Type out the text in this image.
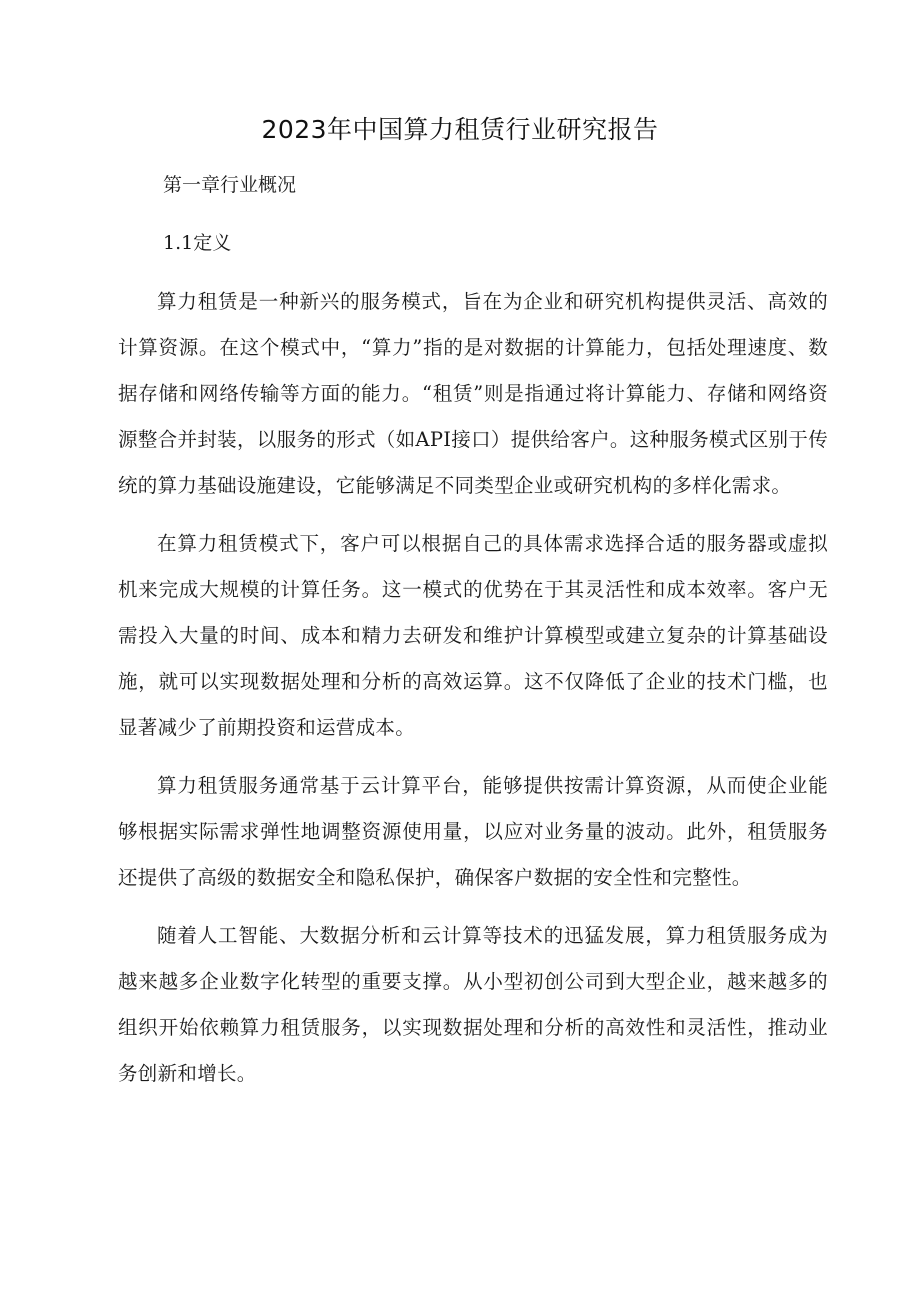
2023年中国算力租赁行业研究报告
第一章行业概况
1.1定义

算力租赁是一种新兴的服务模式，旨在为企业和研究机构提供灵活、高效的计算资源。在这个模式中，“算力”指的是对数据的计算能力，包括处理速度、数据存储和网络传输等方面的能力。“租赁”则是指通过将计算能力、存储和网络资源整合并封装，以服务的形式（如API接口）提供给客户。这种服务模式区别于传统的算力基础设施建设，它能够满足不同类型企业或研究机构的多样化需求。

在算力租赁模式下，客户可以根据自己的具体需求选择合适的服务器或虚拟机来完成大规模的计算任务。这一模式的优势在于其灵活性和成本效率。客户无需投入大量的时间、成本和精力去研发和维护计算模型或建立复杂的计算基础设施，就可以实现数据处理和分析的高效运算。这不仅降低了企业的技术门槛，也显著减少了前期投资和运营成本。

算力租赁服务通常基于云计算平台，能够提供按需计算资源，从而使企业能够根据实际需求弹性地调整资源使用量，以应对业务量的波动。此外，租赁服务还提供了高级的数据安全和隐私保护，确保客户数据的安全性和完整性。

随着人工智能、大数据分析和云计算等技术的迅猛发展，算力租赁服务成为越来越多企业数字化转型的重要支撑。从小型初创公司到大型企业，越来越多的组织开始依赖算力租赁服务，以实现数据处理和分析的高效性和灵活性，推动业务创新和增长。
